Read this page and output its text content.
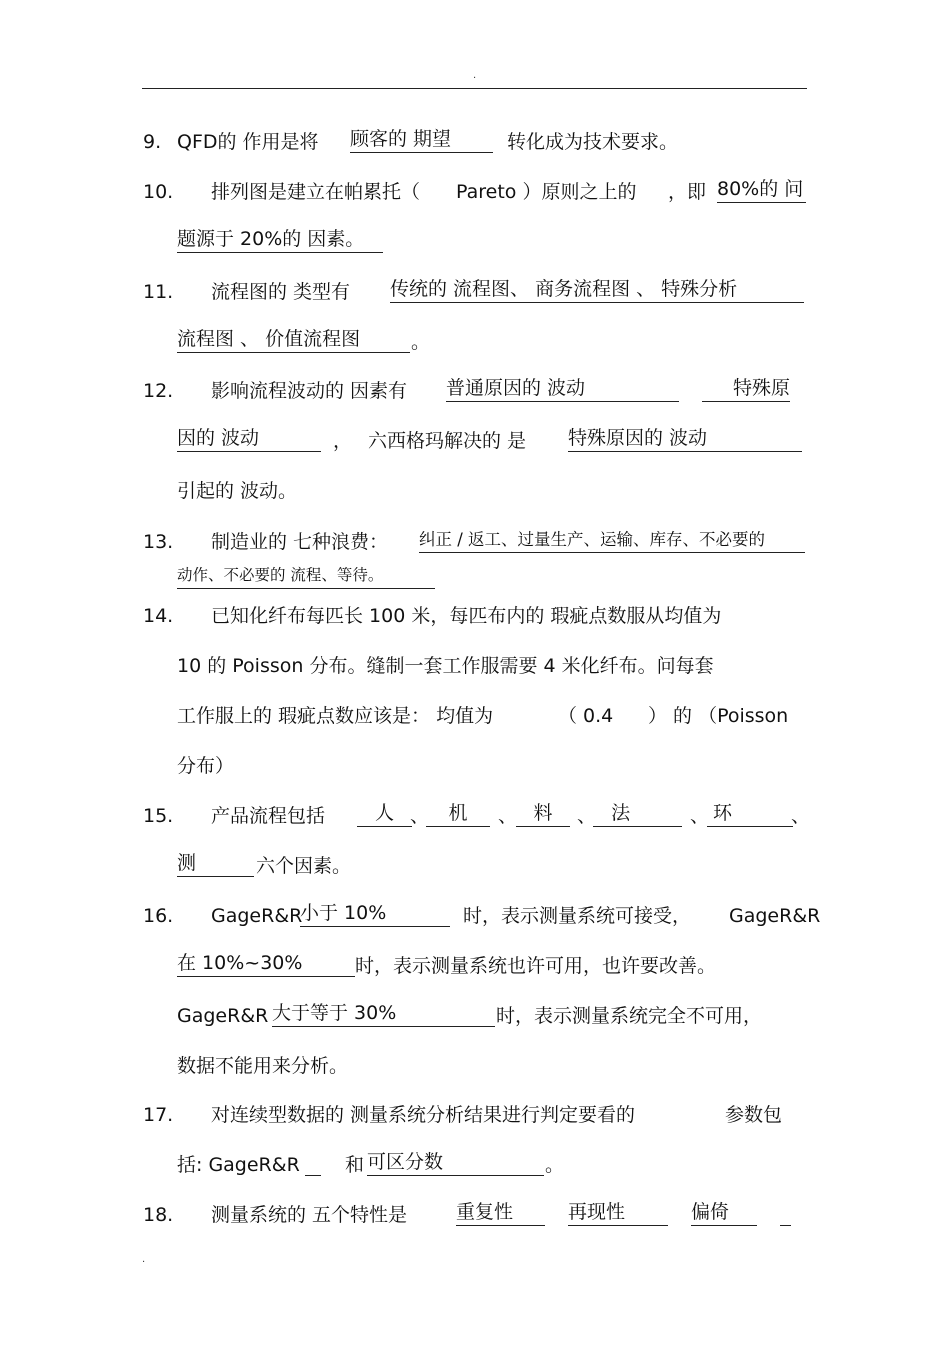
·
9. QFD的 作用是将 顾客的 期望	转化成为技术要求。
10. 排列图是建立在帕累托（ Pareto ）原则之上的 ，即 80%的 问
题源于 20%的 因素。
11. 流程图的 类型有 传统的 流程图、 商务流程图 、 特殊分析
流程图 、 价值流程图	。
12. 影响流程波动的 因素有 普通原因的 波动	特殊原
因的 波动	， 六西格玛解决的 是 特殊原因的 波动
引起的 波动。
13. 制造业的 七种浪费： 纠正 / 返工、过量生产、运输、库存、不必要的
动作、不必要的 流程、等待。
14. 已知化纤布每匹长 100 米，每匹布内的 瑕疵点数服从均值为
10 的 Poisson 分布。缝制一套工作服需要 4 米化纤布。问每套
工作服上的 瑕疵点数应该是： 均值为	（ 0.4 ） 的 （Poisson
分布）
15. 产品流程包括	人 、	机	、 料	、 法	、 环	、
测	六个因素。
16. GageR&R
小于 10%	时，表示测量系统可接受， GageR&R
在 10%~30%	时，表示测量系统也许可用，也许要改善。
GageR&R 大于等于 30%	时，表示测量系统完全不可用，
数据不能用来分析。
17. 对连续型数据的 测量系统分析结果进行判定要看的	参数包
括: GageR&R 和 可区分数	。
18. 测量系统的 五个特性是	重复性	再现性	偏倚
·
